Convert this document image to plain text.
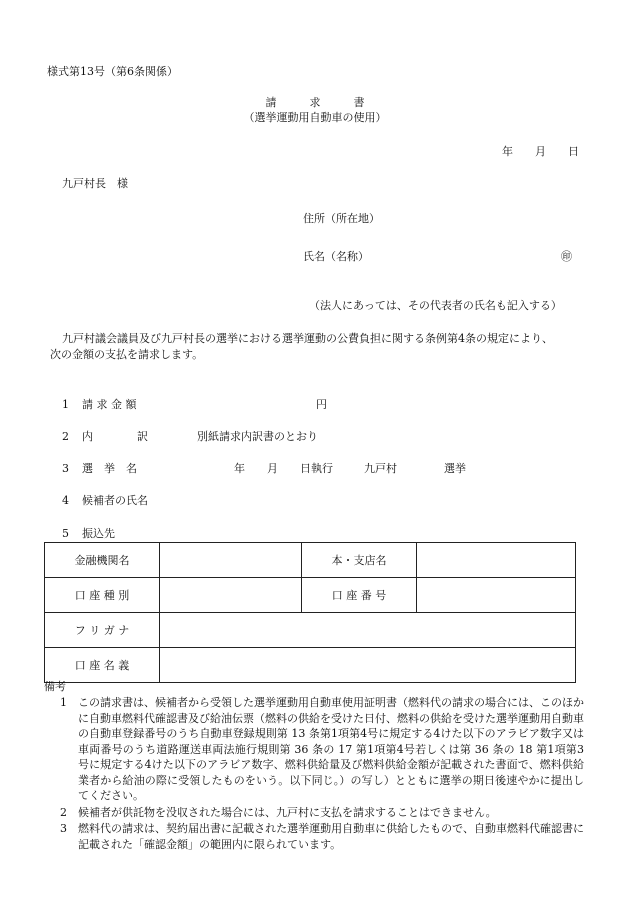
様式第13号（第6条関係）
請　　　求　　　書
（選挙運動用自動車の使用）
年　　月　　日
九戸村長　様
住所（所在地）
氏名（名称）	㊞
（法人にあっては、その代表者の氏名も記入する）
九戸村議会議員及び九戸村長の選挙における選挙運動の公費負担に関する条例第4条の規定により、
次の金額の支払を請求します。
1 請 求 金 額	円
2 内　　　　訳	別紙請求内訳書のとおり
3 選　挙　名	年　　月　　日執行	九戸村	選挙
4 候補者の氏名
5 振込先
金融機関名		本・支店名	
口 座 種 別		口 座 番 号	
フ リ ガ ナ			
口 座 名 義			
備考
1 この請求書は、候補者から受領した選挙運動用自動車使用証明書（燃料代の請求の場合には、このほかに自動車燃料代確認書及び給油伝票（燃料の供給を受けた日付、燃料の供給を受けた選挙運動用自動車の自動車登録番号のうち自動車登録規則第 13 条第1項第4号に規定する4けた以下のアラビア数字又は車両番号のうち道路運送車両法施行規則第 36 条の 17 第1項第4号若しくは第 36 条の 18 第1項第3号に規定する4けた以下のアラビア数字、燃料供給量及び燃料供給金額が記載された書面で、燃料供給業者から給油の際に受領したものをいう。以下同じ。）の写し）とともに選挙の期日後速やかに提出してください。
2 候補者が供託物を没収された場合には、九戸村に支払を請求することはできません。
3 燃料代の請求は、契約届出書に記載された選挙運動用自動車に供給したもので、自動車燃料代確認書に記載された「確認金額」の範囲内に限られています。
